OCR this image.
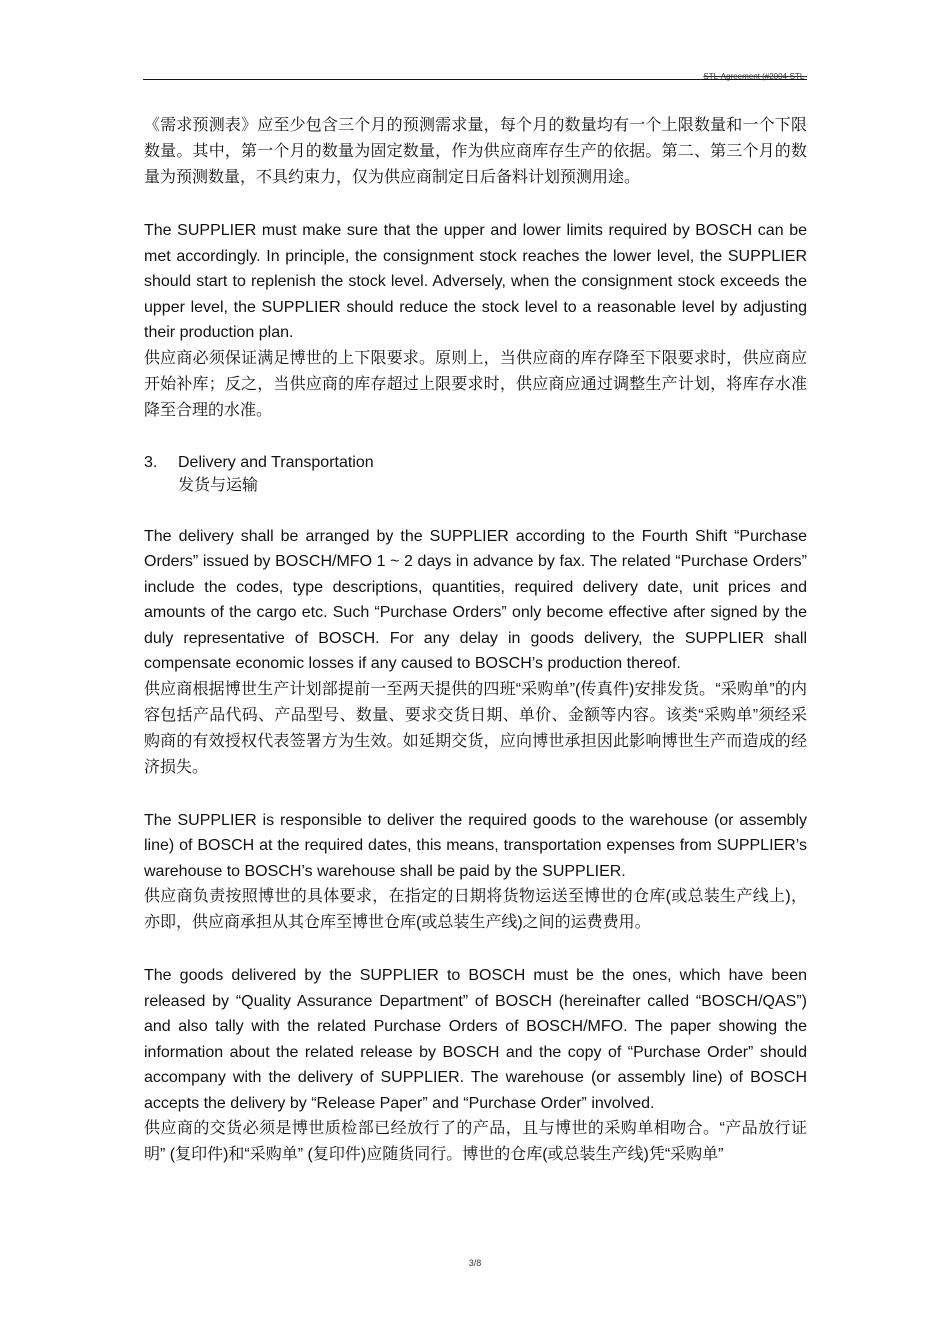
STL-Agreement (#2004-STL-

《需求预测表》应至少包含三个月的预测需求量，每个月的数量均有一个上限数量和一个下限数量。其中，第一个月的数量为固定数量，作为供应商库存生产的依据。第二、第三个月的数量为预测数量，不具约束力，仅为供应商制定日后备料计划预测用途。

The SUPPLIER must make sure that the upper and lower limits required by BOSCH can be met accordingly. In principle, the consignment stock reaches the lower level, the SUPPLIER should start to replenish the stock level. Adversely, when the consignment stock exceeds the upper level, the SUPPLIER should reduce the stock level to a reasonable level by adjusting their production plan.

供应商必须保证满足博世的上下限要求。原则上，当供应商的库存降至下限要求时，供应商应开始补库；反之，当供应商的库存超过上限要求时，供应商应通过调整生产计划，将库存水准降至合理的水准。

3.	Delivery and Transportation
发货与运输

The delivery shall be arranged by the SUPPLIER according to the Fourth Shift “Purchase Orders” issued by BOSCH/MFO 1 ~ 2 days in advance by fax. The related “Purchase Orders” include the codes, type descriptions, quantities, required delivery date, unit prices and amounts of the cargo etc. Such “Purchase Orders” only become effective after signed by the duly representative of BOSCH. For any delay in goods delivery, the SUPPLIER shall compensate economic losses if any caused to BOSCH’s production thereof.

供应商根据博世生产计划部提前一至两天提供的四班“采购单”(传真件)安排发货。“采购单”的内容包括产品代码、产品型号、数量、要求交货日期、单价、金额等内容。该类“采购单”须经采购商的有效授权代表签署方为生效。如延期交货，应向博世承担因此影响博世生产而造成的经济损失。

The SUPPLIER is responsible to deliver the required goods to the warehouse (or assembly line) of BOSCH at the required dates, this means, transportation expenses from SUPPLIER’s warehouse to BOSCH’s warehouse shall be paid by the SUPPLIER.

供应商负责按照博世的具体要求，在指定的日期将货物运送至博世的仓库(或总装生产线上)，亦即，供应商承担从其仓库至博世仓库(或总装生产线)之间的运费费用。

The goods delivered by the SUPPLIER to BOSCH must be the ones, which have been released by “Quality Assurance Department” of BOSCH (hereinafter called “BOSCH/QAS”) and also tally with the related Purchase Orders of BOSCH/MFO. The paper showing the information about the related release by BOSCH and the copy of “Purchase Order” should accompany with the delivery of SUPPLIER. The warehouse (or assembly line) of BOSCH accepts the delivery by “Release Paper” and “Purchase Order” involved.

供应商的交货必须是博世质检部已经放行了的产品，且与博世的采购单相吻合。“产品放行证明” (复印件)和“采购单” (复印件)应随货同行。博世的仓库(或总装生产线)凭“采购单”

3/8
